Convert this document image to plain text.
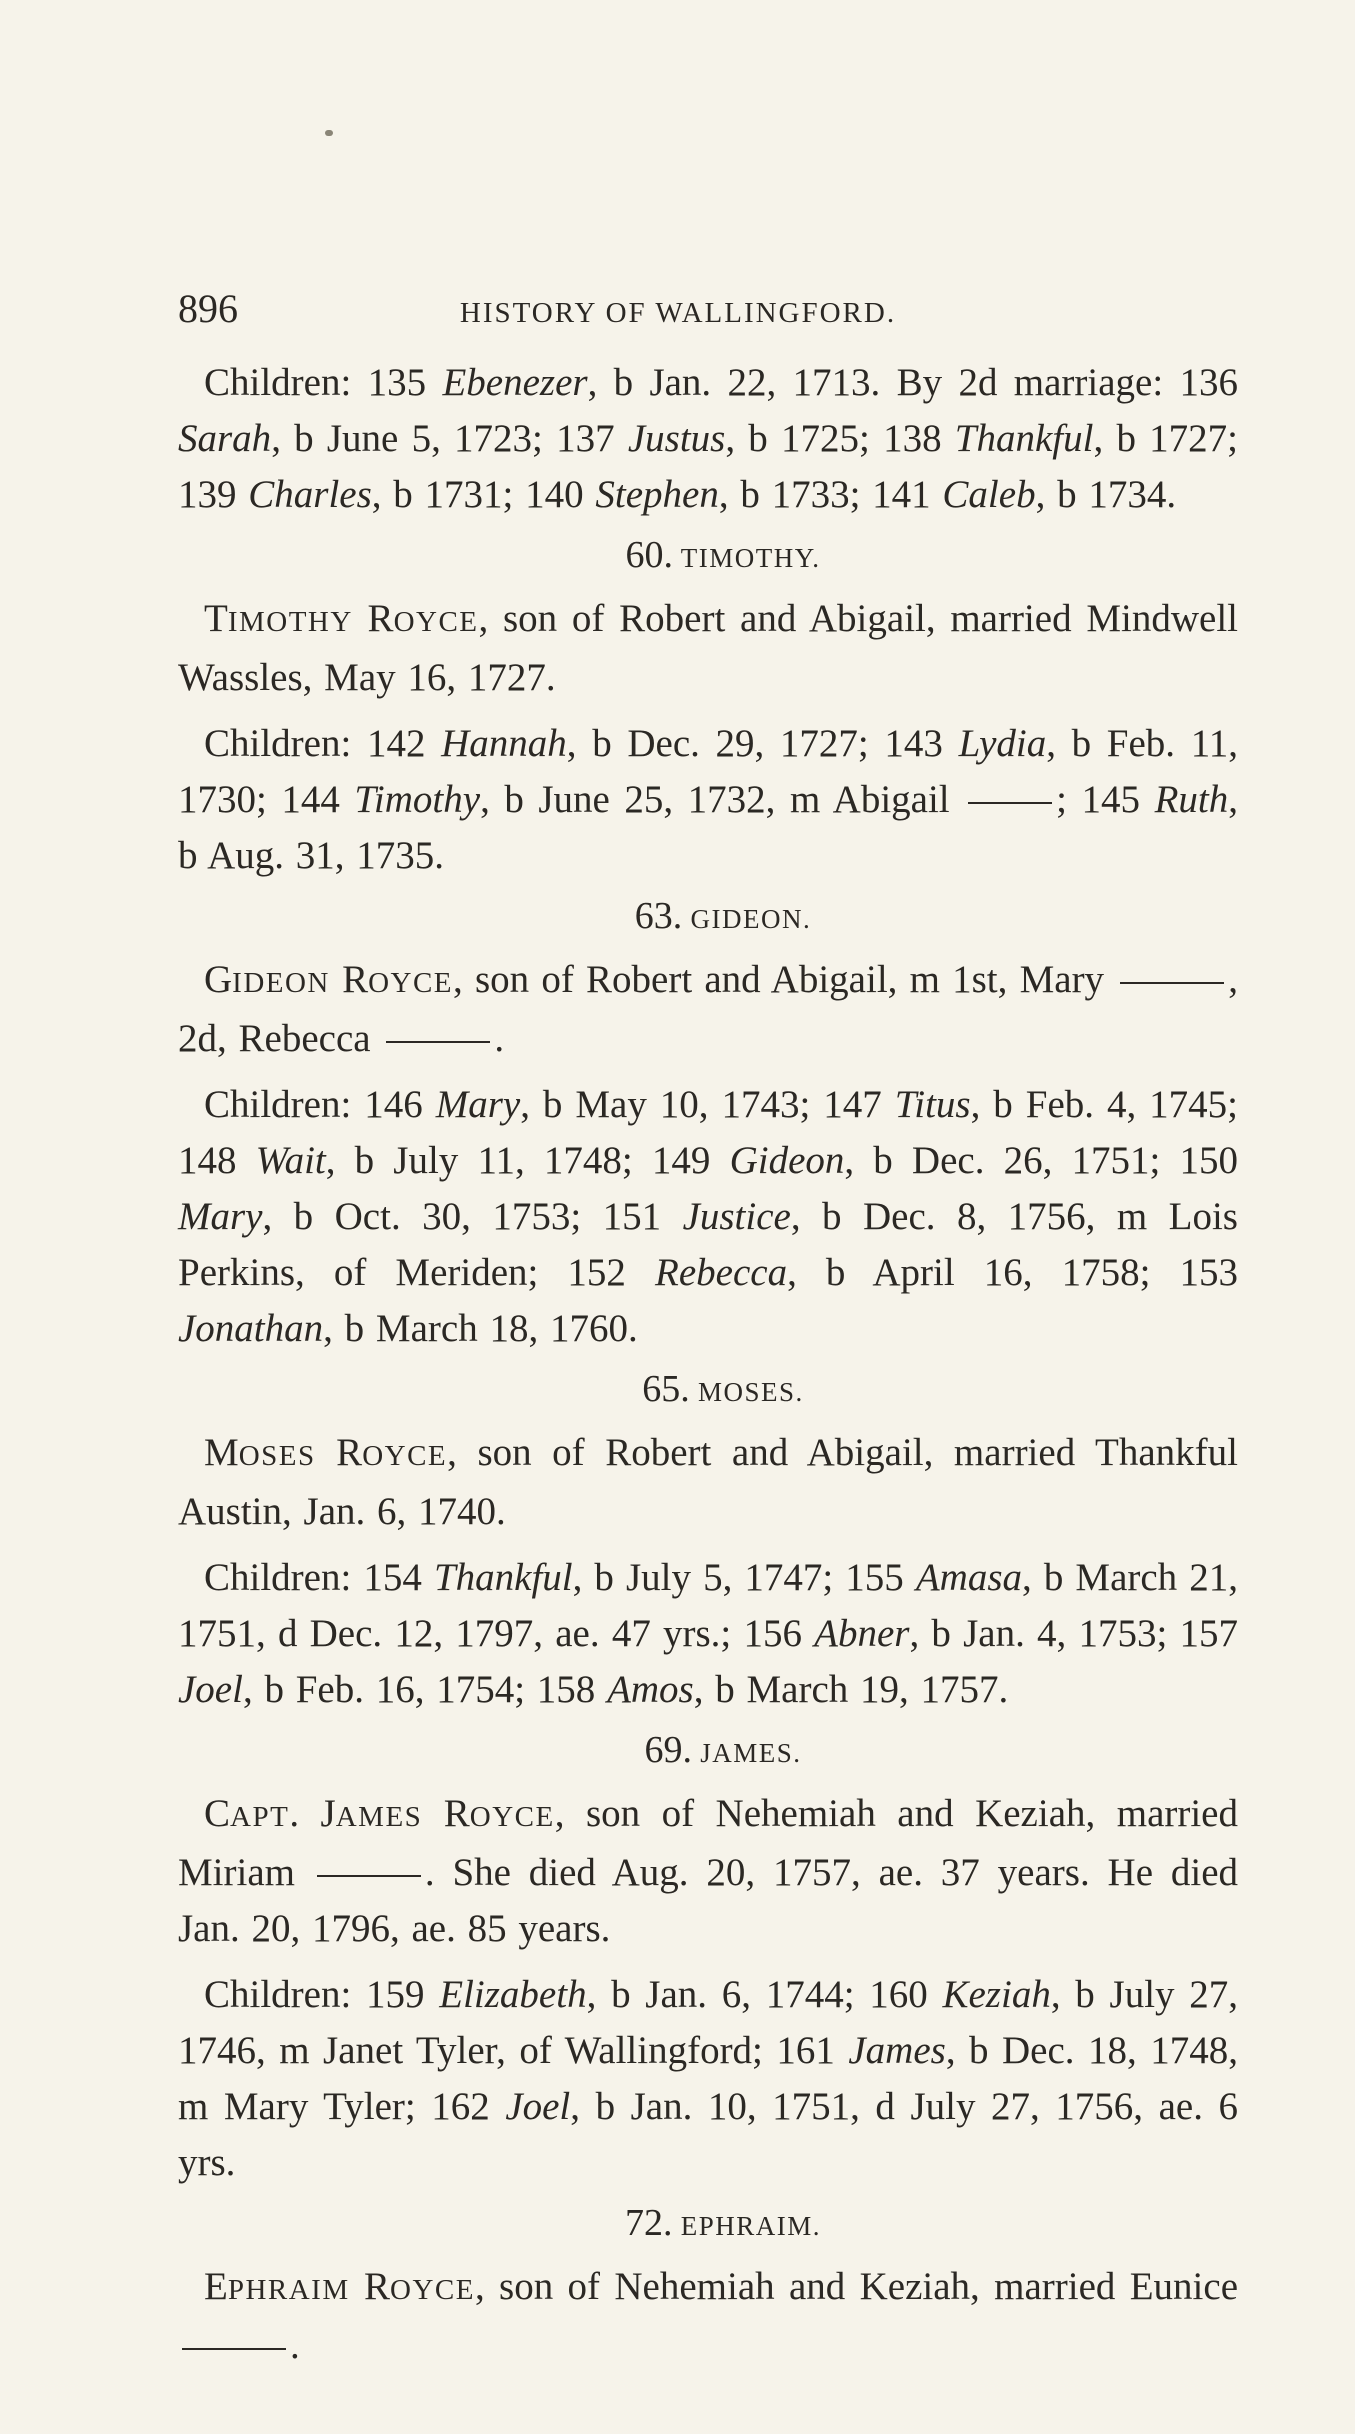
896	HISTORY OF WALLINGFORD.

Children: 135 Ebenezer, b Jan. 22, 1713. By 2d marriage: 136 Sarah, b June 5, 1723; 137 Justus, b 1725; 138 Thankful, b 1727; 139 Charles, b 1731; 140 Stephen, b 1733; 141 Caleb, b 1734.

60. TIMOTHY.

TIMOTHY ROYCE, son of Robert and Abigail, married Mindwell Wassles, May 16, 1727.

Children: 142 Hannah, b Dec. 29, 1727; 143 Lydia, b Feb. 11, 1730; 144 Timothy, b June 25, 1732, m Abigail ; 145 Ruth, b Aug. 31, 1735.

63. GIDEON.

GIDEON ROYCE, son of Robert and Abigail, m 1st, Mary	, 2d, Rebecca	.

Children: 146 Mary, b May 10, 1743; 147 Titus, b Feb. 4, 1745; 148 Wait, b July 11, 1748; 149 Gideon, b Dec. 26, 1751; 150 Mary, b Oct. 30, 1753; 151 Justice, b Dec. 8, 1756, m Lois Perkins, of Meriden; 152 Rebecca, b April 16, 1758; 153 Jonathan, b March 18, 1760.

65. MOSES.

MOSES ROYCE, son of Robert and Abigail, married Thankful Austin, Jan. 6, 1740.

Children: 154 Thankful, b July 5, 1747; 155 Amasa, b March 21, 1751, d Dec. 12, 1797, ae. 47 yrs.; 156 Abner, b Jan. 4, 1753; 157 Joel, b Feb. 16, 1754; 158 Amos, b March 19, 1757.

69. JAMES.

CAPT. JAMES ROYCE, son of Nehemiah and Keziah, married Miriam	. She died Aug. 20, 1757, ae. 37 years. He died Jan. 20, 1796, ae. 85 years.

Children: 159 Elizabeth, b Jan. 6, 1744; 160 Keziah, b July 27, 1746, m Janet Tyler, of Wallingford; 161 James, b Dec. 18, 1748, m Mary Tyler; 162 Joel, b Jan. 10, 1751, d July 27, 1756, ae. 6 yrs.

72. EPHRAIM.

EPHRAIM ROYCE, son of Nehemiah and Keziah, married Eunice .
